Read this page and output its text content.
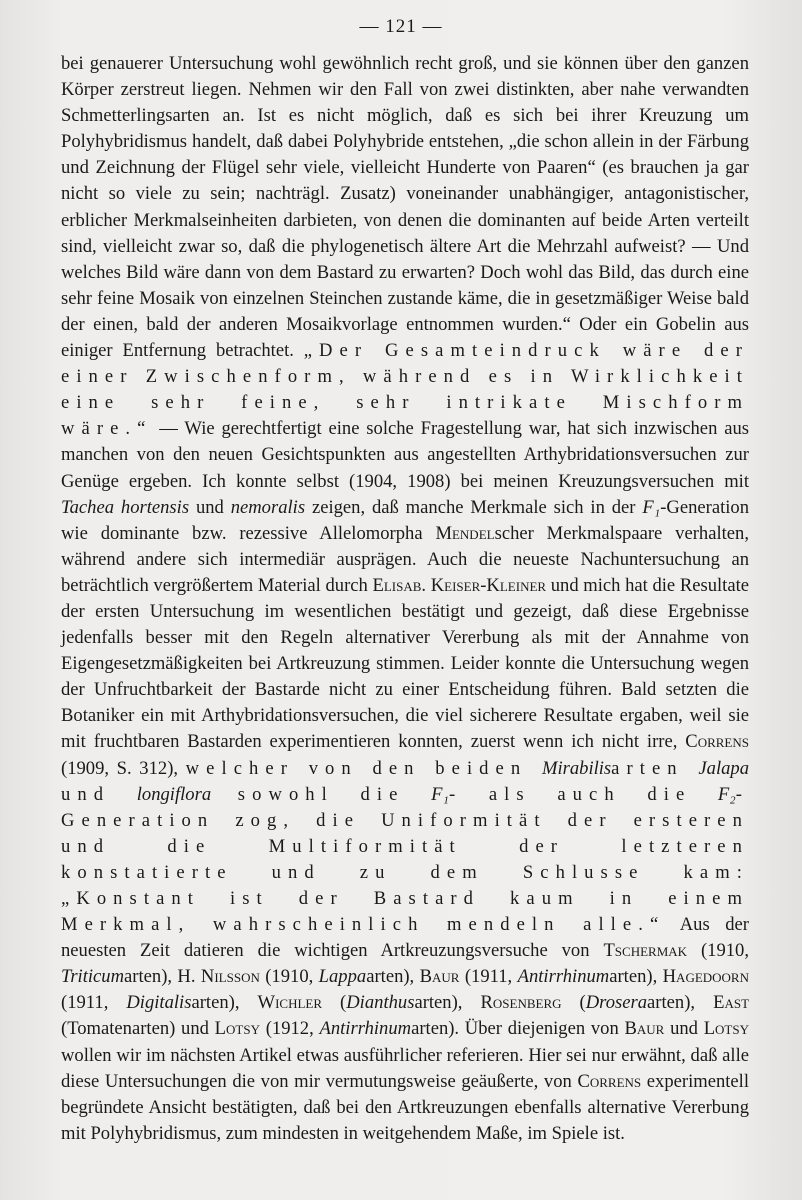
— 121 —

bei genauerer Untersuchung wohl gewöhnlich recht groß, und sie können über den ganzen Körper zerstreut liegen. Nehmen wir den Fall von zwei distinkten, aber nahe verwandten Schmetterlingsarten an. Ist es nicht möglich, daß es sich bei ihrer Kreuzung um Polyhybridismus handelt, daß dabei Polyhybride entstehen, „die schon allein in der Färbung und Zeichnung der Flügel sehr viele, vielleicht Hunderte von Paaren“ (es brauchen ja gar nicht so viele zu sein; nachträgl. Zusatz) voneinander unabhängiger, antagonistischer, erblicher Merkmalseinheiten darbieten, von denen die dominanten auf beide Arten verteilt sind, vielleicht zwar so, daß die phylogenetisch ältere Art die Mehrzahl aufweist? — Und welches Bild wäre dann von dem Bastard zu erwarten? Doch wohl das Bild, das durch eine sehr feine Mosaik von einzelnen Steinchen zustande käme, die in gesetzmäßiger Weise bald der einen, bald der anderen Mosaikvorlage entnommen wurden.“ Oder ein Gobelin aus einiger Entfernung betrachtet. „Der Gesamteindruck wäre der einer Zwischenform, während es in Wirklichkeit eine sehr feine, sehr intrikate Mischform wäre.“ — Wie gerechtfertigt eine solche Fragestellung war, hat sich inzwischen aus manchen von den neuen Gesichtspunkten aus angestellten Arthybridationsversuchen zur Genüge ergeben. Ich konnte selbst (1904, 1908) bei meinen Kreuzungsversuchen mit Tachea hortensis und nemoralis zeigen, daß manche Merkmale sich in der F₁-Generation wie dominante bzw. rezessive Allelomorpha Mendelscher Merkmalspaare verhalten, während andere sich intermediär ausprägen. Auch die neueste Nachuntersuchung an beträchtlich vergrößertem Material durch Elisab. Keiser-Kleiner und mich hat die Resultate der ersten Untersuchung im wesentlichen bestätigt und gezeigt, daß diese Ergebnisse jedenfalls besser mit den Regeln alternativer Vererbung als mit der Annahme von Eigengesetzmäßigkeiten bei Artkreuzung stimmen. Leider konnte die Untersuchung wegen der Unfruchtbarkeit der Bastarde nicht zu einer Entscheidung führen. Bald setzten die Botaniker ein mit Arthybridationsversuchen, die viel sicherere Resultate ergaben, weil sie mit fruchtbaren Bastarden experimentieren konnten, zuerst wenn ich nicht irre, Correns (1909, S. 312), welcher von den beiden Mirabilisarten Jalapa und longiflora sowohl die F₁- als auch die F₂-Generation zog, die Uniformität der ersteren und die Multiformität der letzteren konstatierte und zu dem Schlusse kam: „Konstant ist der Bastard kaum in einem Merkmal, wahrscheinlich mendeln alle.“ Aus der neuesten Zeit datieren die wichtigen Artkreuzungsversuche von Tschermak (1910, Triticumarten), H. Nilsson (1910, Lappaarten), Baur (1911, Antirrhinumarten), Hagedoorn (1911, Digitalisarten), Wichler (Dianthusarten), Rosenberg (Droseraarten), East (Tomatenarten) und Lotsy (1912, Antirrhinumarten). Über diejenigen von Baur und Lotsy wollen wir im nächsten Artikel etwas ausführlicher referieren. Hier sei nur erwähnt, daß alle diese Untersuchungen die von mir vermutungsweise geäußerte, von Correns experimentell begründete Ansicht bestätigten, daß bei den Artkreuzungen ebenfalls alternative Vererbung mit Polyhybridismus, zum mindesten in weitgehendem Maße, im Spiele ist.
